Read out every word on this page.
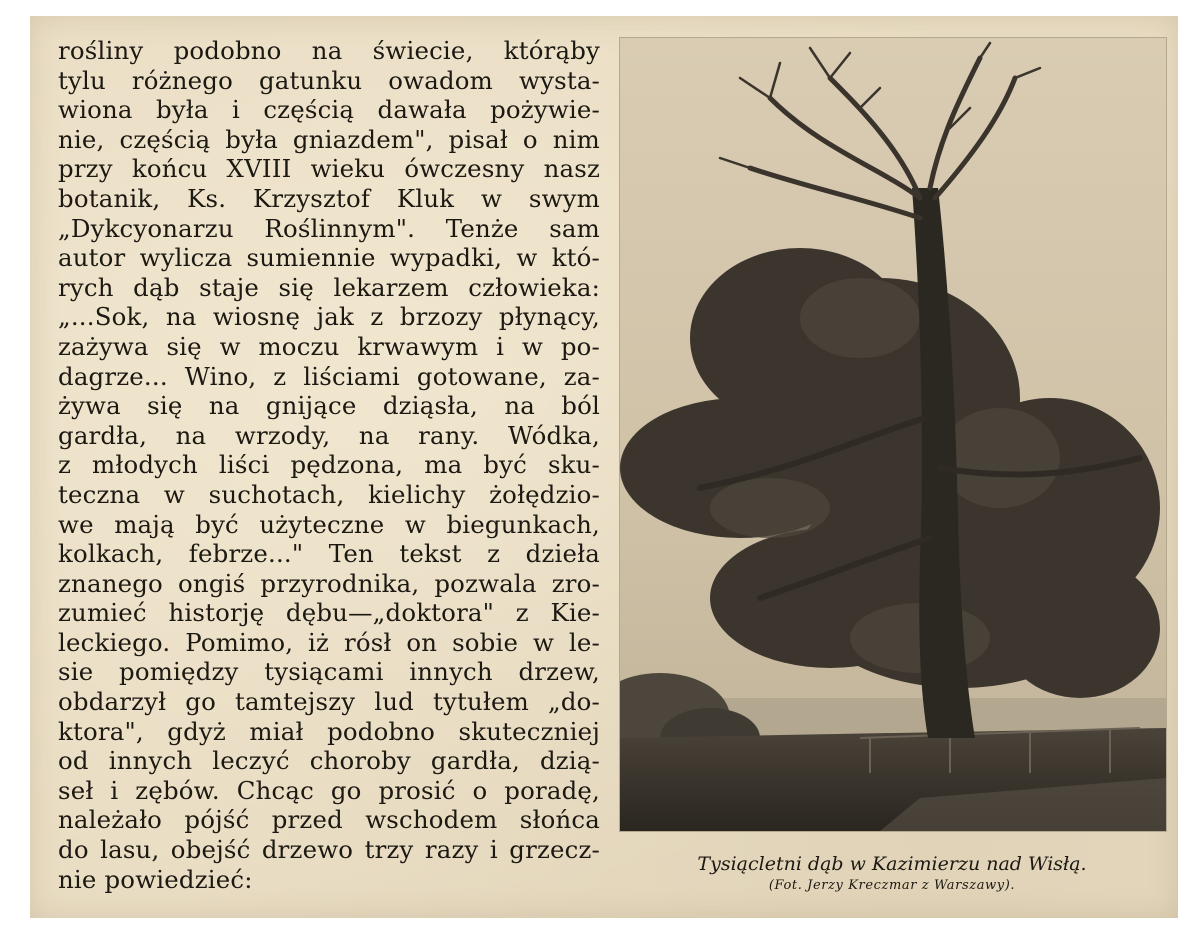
rośliny podobno na świecie, którąby
tylu różnego gatunku owadom wysta-
wiona była i częścią dawała pożywie-
nie, częścią była gniazdem", pisał o nim
przy końcu XVIII wieku ówczesny nasz
botanik, Ks. Krzysztof Kluk w swym
„Dykcyonarzu Roślinnym". Tenże sam
autor wylicza sumiennie wypadki, w któ-
rych dąb staje się lekarzem człowieka:
„...Sok, na wiosnę jak z brzozy płynący,
zażywa się w moczu krwawym i w po-
dagrze... Wino, z liściami gotowane, za-
żywa się na gnijące dziąsła, na ból
gardła, na wrzody, na rany. Wódka,
z młodych liści pędzona, ma być sku-
teczna w suchotach, kielichy żołędzio-
we mają być użyteczne w biegunkach,
kolkach, febrze..." Ten tekst z dzieła
znanego ongiś przyrodnika, pozwala zro-
zumieć historję dębu—„doktora" z Kie-
leckiego. Pomimo, iż rósł on sobie w le-
sie pomiędzy tysiącami innych drzew,
obdarzył go tamtejszy lud tytułem „do-
ktora", gdyż miał podobno skuteczniej
od innych leczyć choroby gardła, dzią-
seł i zębów. Chcąc go prosić o poradę,
należało pójść przed wschodem słońca
do lasu, obejść drzewo trzy razy i grzecz-
nie powiedzieć:
Tysiącletni dąb w Kazimierzu nad Wisłą.
(Fot. Jerzy Kreczmar z Warszawy).
